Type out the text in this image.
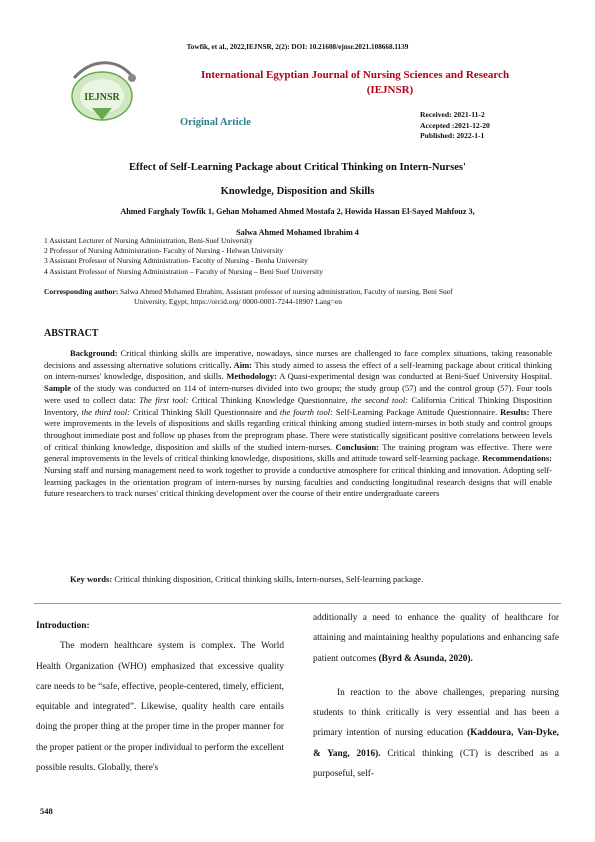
Towfik, et al., 2022,IEJNSR, 2(2): DOI: 10.21608/ejnsr.2021.108668.1139
IEJNSR
International Egyptian Journal of Nursing Sciences and Research
(IEJNSR)
Original Article
Received: 2021-11-2
Accepted :2021-12-20
Published: 2022-1-1
Effect of Self-Learning Package about Critical Thinking on Intern-Nurses'
Knowledge, Disposition and Skills
Ahmed Farghaly Towfik 1, Gehan Mohamed Ahmed Mostafa 2, Howida Hassan El-Sayed Mahfouz 3,
Salwa Ahmed Mohamed Ibrahim 4
1 Assistant Lecturer of Nursing Administration, Beni-Suef University
2 Professor of Nursing Administration- Faculty of Nursing - Helwan University
3 Assistant Professor of Nursing Administration- Faculty of Nursing - Benha University
4 Assistant Professor of Nursing Administration – Faculty of Nursing – Beni Suef University
Corresponding author: Salwa Ahmed Mohamed Ebrahim, Assistant professor of nursing administration, Faculty of nursing, Beni Suef
University, Egypt, https://orcid.org/ 0000-0001-7244-1890? Lang=en
ABSTRACT
Background: Critical thinking skills are imperative, nowadays, since nurses are challenged to face complex situations, taking reasonable decisions and assessing alternative solutions critically. Aim: This study aimed to assess the effect of a self-learning package about critical thinking on intern-nurses' knowledge, disposition, and skills. Methodology: A Quasi-experimental design was conducted at Beni-Suef University Hospital. Sample of the study was conducted on 114 of intern-nurses divided into two groups; the study group (57) and the control group (57). Four tools were used to collect data: The first tool: Critical Thinking Knowledge Questionnaire, the second tool: California Critical Thinking Disposition Inventory, the third tool: Critical Thinking Skill Questionnaire and the fourth tool: Self-Learning Package Attitude Questionnaire. Results: There were improvements in the levels of dispositions and skills regarding critical thinking among studied intern-nurses in both study and control groups throughout immediate post and follow up phases from the preprogram phase. There were statistically significant positive correlations between levels of critical thinking knowledge, disposition and skills of the studied intern-nurses. Conclusion: The training program was effective. There were general improvements in the levels of critical thinking knowledge, dispositions, skills and attitude toward self-learning package. Recommendations: Nursing staff and nursing management need to work together to provide a conductive atmosphere for critical thinking and innovation. Adopting self-learning packages in the orientation program of intern-nurses by nursing faculties and conducting longitudinal research designs that will enable future researchers to track nurses' critical thinking development over the course of their entire undergraduate careers
Key words: Critical thinking disposition, Critical thinking skills, Intern-nurses, Self-learning package.
Introduction:

The modern healthcare system is complex. The World Health Organization (WHO) emphasized that excessive quality care needs to be “safe, effective, people-centered, timely, efficient, equitable and integrated”. Likewise, quality health care entails doing the proper thing at the proper time in the proper manner for the proper patient or the proper individual to perform the excellent possible results. Globally, there's

additionally a need to enhance the quality of healthcare for attaining and maintaining healthy populations and enhancing safe patient outcomes (Byrd & Asunda, 2020).

In reaction to the above challenges, preparing nursing students to think critically is very essential and has been a primary intention of nursing education (Kaddoura, Van-Dyke, & Yang, 2016). Critical thinking (CT) is described as a purposeful, self-

548
